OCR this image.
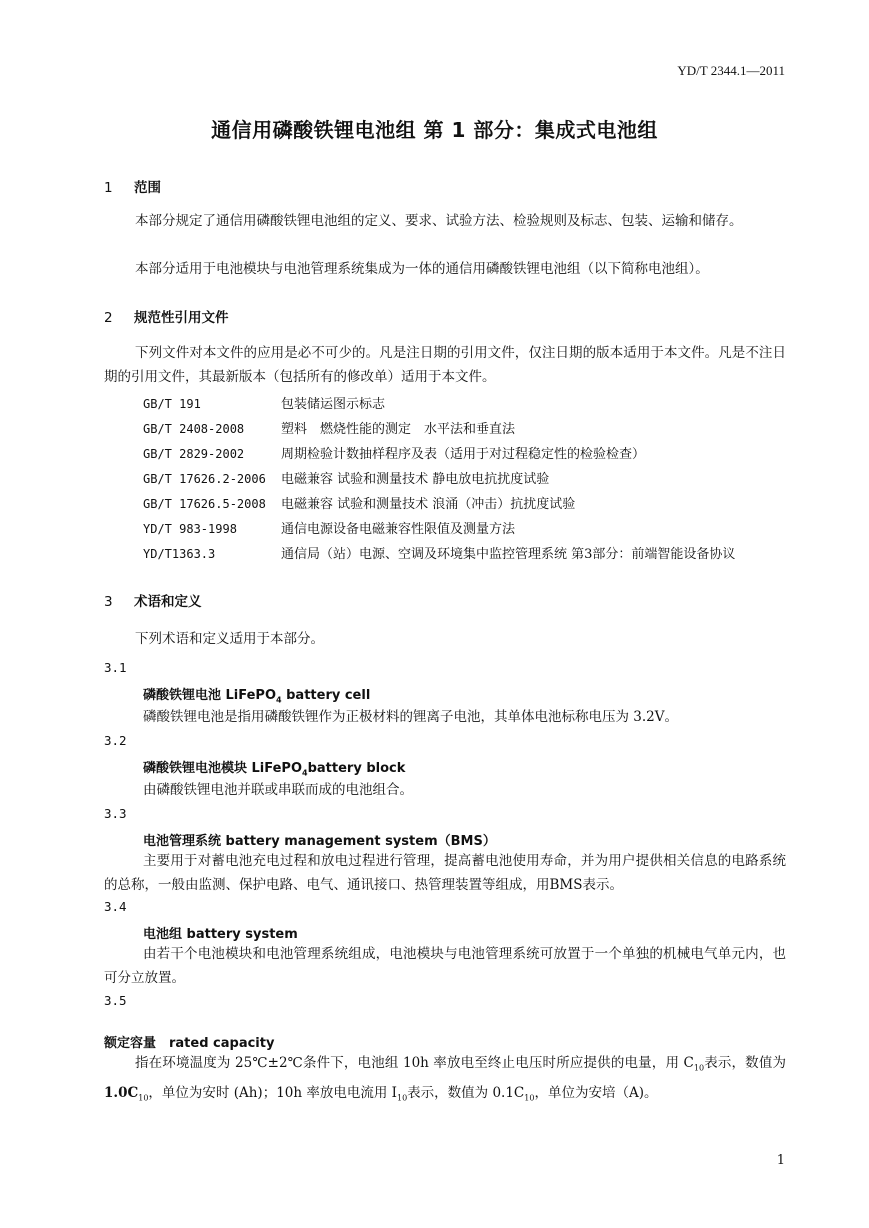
YD/T 2344.1—2011
通信用磷酸铁锂电池组 第 1 部分：集成式电池组
1 范围
本部分规定了通信用磷酸铁锂电池组的定义、要求、试验方法、检验规则及标志、包装、运输和储存。
本部分适用于电池模块与电池管理系统集成为一体的通信用磷酸铁锂电池组（以下简称电池组）。
2 规范性引用文件
下列文件对本文件的应用是必不可少的。凡是注日期的引用文件，仅注日期的版本适用于本文件。凡是不注日期的引用文件，其最新版本（包括所有的修改单）适用于本文件。
GB/T 191	包装储运图示标志
GB/T 2408-2008	塑料　燃烧性能的测定　水平法和垂直法
GB/T 2829-2002	周期检验计数抽样程序及表（适用于对过程稳定性的检验检查）
GB/T 17626.2-2006 电磁兼容 试验和测量技术 静电放电抗扰度试验
GB/T 17626.5-2008 电磁兼容 试验和测量技术 浪涌（冲击）抗扰度试验
YD/T 983-1998	通信电源设备电磁兼容性限值及测量方法
YD/T1363.3	通信局（站）电源、空调及环境集中监控管理系统 第3部分：前端智能设备协议
3 术语和定义
下列术语和定义适用于本部分。
3.1
磷酸铁锂电池 LiFePO$_4$ battery cell
磷酸铁锂电池是指用磷酸铁锂作为正极材料的锂离子电池，其单体电池标称电压为 3.2V。
3.2
磷酸铁锂电池模块 LiFePO$_4$battery block
由磷酸铁锂电池并联或串联而成的电池组合。
3.3
电池管理系统 battery management system（BMS）
主要用于对蓄电池充电过程和放电过程进行管理，提高蓄电池使用寿命，并为用户提供相关信息的电路系统的总称，一般由监测、保护电路、电气、通讯接口、热管理装置等组成，用BMS表示。
3.4
电池组 battery system
由若干个电池模块和电池管理系统组成，电池模块与电池管理系统可放置于一个单独的机械电气单元内，也可分立放置。
3.5
额定容量　rated capacity
指在环境温度为 25℃±2℃条件下，电池组 10h 率放电至终止电压时所应提供的电量，用 $C_{10}$表示，数值为 $1.0C_{10}$，单位为安时 (Ah)；10h 率放电电流用 $I_{10}$表示，数值为 $0.1C_{10}$，单位为安培（A)。
1
